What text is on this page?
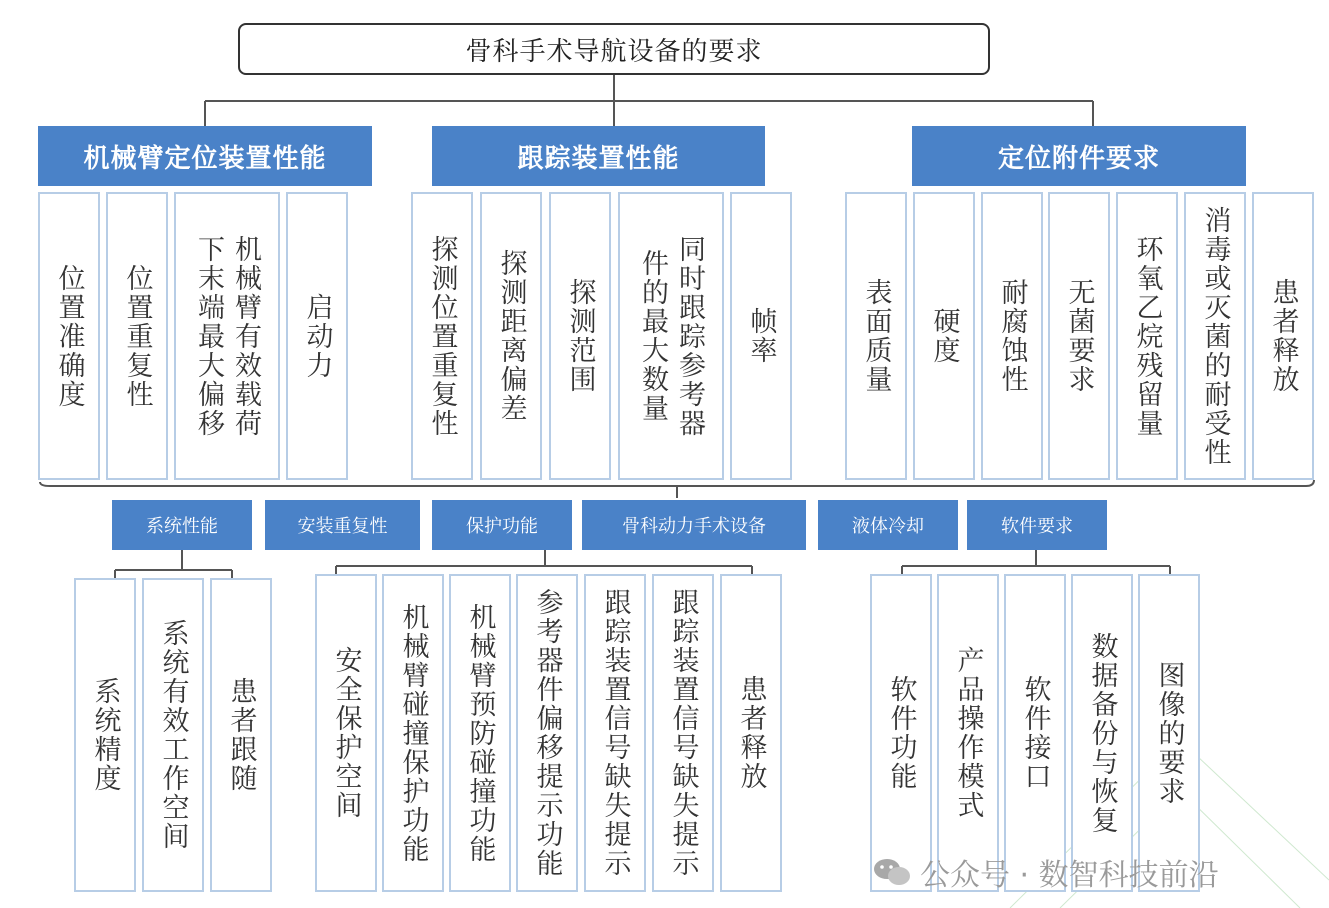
骨科手术导航设备的要求
机械臂定位装置性能	跟踪装置性能	定位附件要求
位置准确度 位置重复性	机械臂有效载荷
下末端最大偏移	启动力	探测位置重复性 探测距离偏差 探测范围	同时跟踪参考器
件的最大数量	帧率	表面质量 硬度 耐腐蚀性 无菌要求 环氧乙烷残留量 消毒或灭菌的耐受性 患者释放
系统性能	安装重复性	保护功能	骨科动力手术设备	液体冷却	软件要求
系统精度 系统有效工作空间 患者跟随	安全保护空间 机械臂碰撞保护功能 机械臂预防碰撞功能 参考器件偏移提示功能 跟踪装置信号缺失提示 跟踪装置信号缺失提示 患者释放	软件功能 产品操作模式 软件接口 数据备份与恢复 图像的要求
公众号 · 数智科技前沿
